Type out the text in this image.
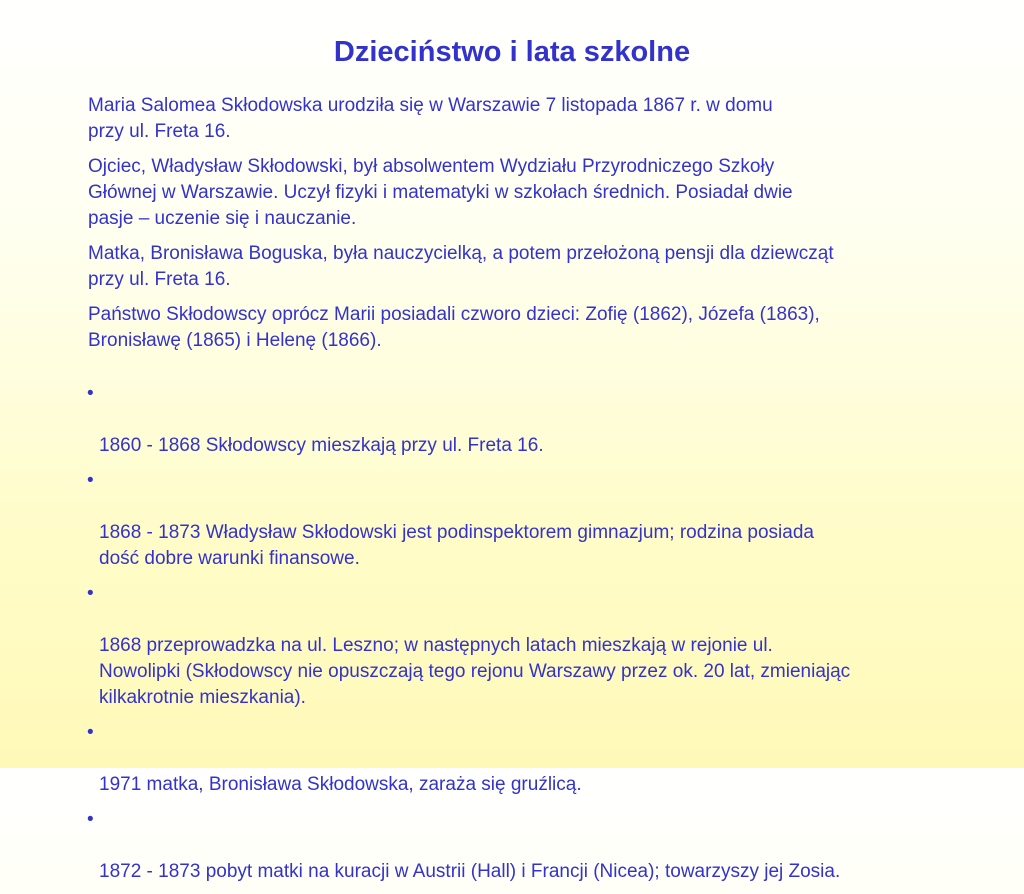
Dzieciństwo i lata szkolne

Maria Salomea Skłodowska urodziła się w Warszawie 7 listopada 1867 r. w domu
przy ul. Freta 16.

Ojciec, Władysław Skłodowski, był absolwentem Wydziału Przyrodniczego Szkoły
Głównej w Warszawie. Uczył fizyki i matematyki w szkołach średnich. Posiadał dwie
pasje – uczenie się i nauczanie.

Matka, Bronisława Boguska, była nauczycielką, a potem przełożoną pensji dla dziewcząt
przy ul. Freta 16.

Państwo Skłodowscy oprócz Marii posiadali czworo dzieci: Zofię (1862), Józefa (1863),
Bronisławę (1865) i Helenę (1866).

•

1860 - 1868 Skłodowscy mieszkają przy ul. Freta 16.

•

1868 - 1873 Władysław Skłodowski jest podinspektorem gimnazjum; rodzina posiada
dość dobre warunki finansowe.

•

1868 przeprowadzka na ul. Leszno; w następnych latach mieszkają w rejonie ul.
Nowolipki (Skłodowscy nie opuszczają tego rejonu Warszawy przez ok. 20 lat, zmieniając
kilkakrotnie mieszkania).

•

1971 matka, Bronisława Skłodowska, zaraża się gruźlicą.

•

1872 - 1873 pobyt matki na kuracji w Austrii (Hall) i Francji (Nicea); towarzyszy jej Zosia.
